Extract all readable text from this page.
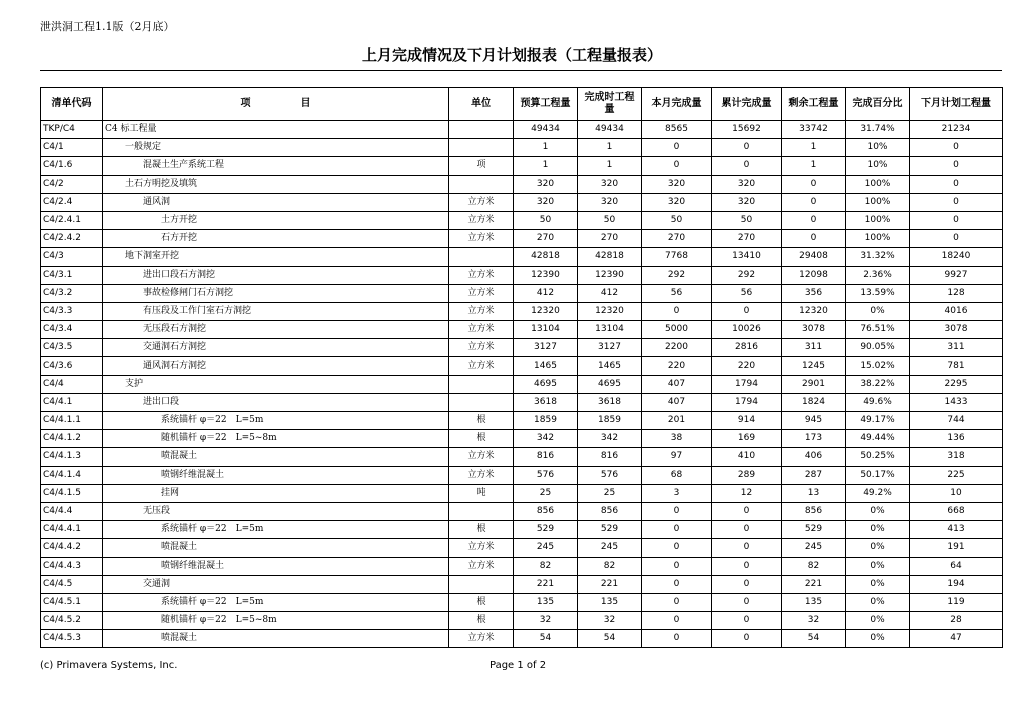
泄洪洞工程1.1版（2月底）
上月完成情况及下月计划报表（工程量报表）
清单代码	项　　　　　目	单位	预算工程量	完成时工程量	本月完成量	累计完成量	剩余工程量	完成百分比	下月计划工程量
TKP/C4	C4 标工程量		49434	49434	8565	15692	33742	31.74%	21234
C4/1	一般规定		1	1	0	0	1	10%	0
C4/1.6	混凝土生产系统工程	项	1	1	0	0	1	10%	0
C4/2	土石方明挖及填筑		320	320	320	320	0	100%	0
C4/2.4	通风洞	立方米	320	320	320	320	0	100%	0
C4/2.4.1	土方开挖	立方米	50	50	50	50	0	100%	0
C4/2.4.2	石方开挖	立方米	270	270	270	270	0	100%	0
C4/3	地下洞室开挖		42818	42818	7768	13410	29408	31.32%	18240
C4/3.1	进出口段石方洞挖	立方米	12390	12390	292	292	12098	2.36%	9927
C4/3.2	事故检修闸门石方洞挖	立方米	412	412	56	56	356	13.59%	128
C4/3.3	有压段及工作门室石方洞挖	立方米	12320	12320	0	0	12320	0%	4016
C4/3.4	无压段石方洞挖	立方米	13104	13104	5000	10026	3078	76.51%	3078
C4/3.5	交通洞石方洞挖	立方米	3127	3127	2200	2816	311	90.05%	311
C4/3.6	通风洞石方洞挖	立方米	1465	1465	220	220	1245	15.02%	781
C4/4	支护		4695	4695	407	1794	2901	38.22%	2295
C4/4.1	进出口段		3618	3618	407	1794	1824	49.6%	1433
C4/4.1.1	系统锚杆 φ＝22　L=5m	根	1859	1859	201	914	945	49.17%	744
C4/4.1.2	随机锚杆 φ＝22　L=5~8m	根	342	342	38	169	173	49.44%	136
C4/4.1.3	喷混凝土	立方米	816	816	97	410	406	50.25%	318
C4/4.1.4	喷钢纤维混凝土	立方米	576	576	68	289	287	50.17%	225
C4/4.1.5	挂网	吨	25	25	3	12	13	49.2%	10
C4/4.4	无压段		856	856	0	0	856	0%	668
C4/4.4.1	系统锚杆 φ＝22　L=5m	根	529	529	0	0	529	0%	413
C4/4.4.2	喷混凝土	立方米	245	245	0	0	245	0%	191
C4/4.4.3	喷钢纤维混凝土	立方米	82	82	0	0	82	0%	64
C4/4.5	交通洞		221	221	0	0	221	0%	194
C4/4.5.1	系统锚杆 φ＝22　L=5m	根	135	135	0	0	135	0%	119
C4/4.5.2	随机锚杆 φ＝22　L=5~8m	根	32	32	0	0	32	0%	28
C4/4.5.3	喷混凝土	立方米	54	54	0	0	54	0%	47
(c) Primavera Systems, Inc.	Page 1 of 2
